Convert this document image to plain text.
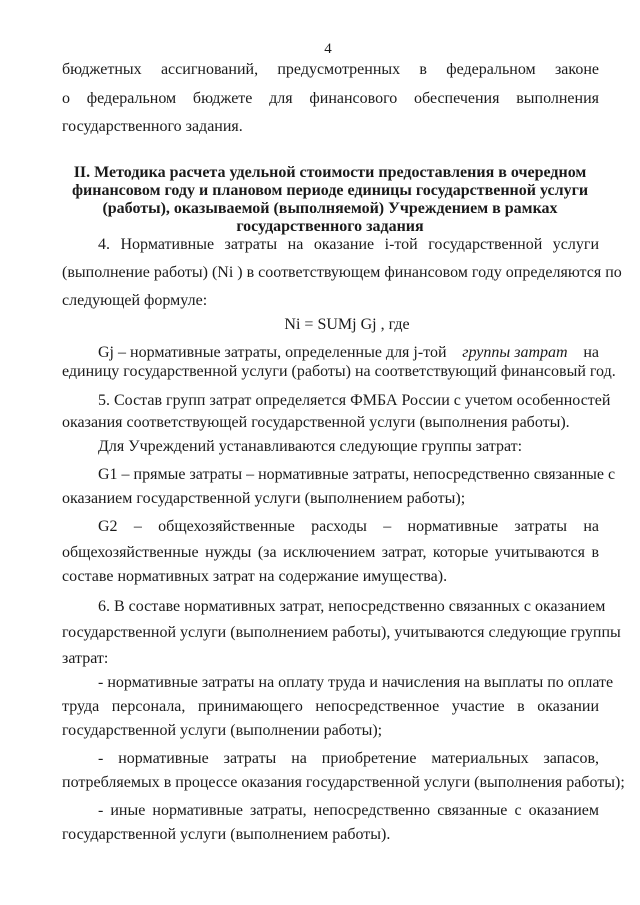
4
бюджетных ассигнований, предусмотренных в федеральном законе
о федеральном бюджете для финансового обеспечения выполнения
государственного задания.
II. Методика расчета удельной стоимости предоставления в очередном
финансовом году и плановом периоде единицы государственной услуги
(работы), оказываемой (выполняемой) Учреждением в рамках
государственного задания
4. Нормативные затраты на оказание i-той государственной услуги
(выполнение работы) (Ni ) в соответствующем финансовом году определяются по
следующей формуле:
Ni = SUMj Gj , где
Gj – нормативные затраты, определенные для j-той группы затрат на
единицу государственной услуги (работы) на соответствующий финансовый год.
5. Состав групп затрат определяется ФМБА России с учетом особенностей
оказания соответствующей государственной услуги (выполнения работы).
Для Учреждений устанавливаются следующие группы затрат:
G1 – прямые затраты – нормативные затраты, непосредственно связанные с
оказанием государственной услуги (выполнением работы);
G2 – общехозяйственные расходы – нормативные затраты на
общехозяйственные нужды (за исключением затрат, которые учитываются в
составе нормативных затрат на содержание имущества).
6. В составе нормативных затрат, непосредственно связанных с оказанием
государственной услуги (выполнением работы), учитываются следующие группы
затрат:
- нормативные затраты на оплату труда и начисления на выплаты по оплате
труда персонала, принимающего непосредственное участие в оказании
государственной услуги (выполнении работы);
- нормативные затраты на приобретение материальных запасов,
потребляемых в процессе оказания государственной услуги (выполнения работы);
- иные нормативные затраты, непосредственно связанные с оказанием
государственной услуги (выполнением работы).
